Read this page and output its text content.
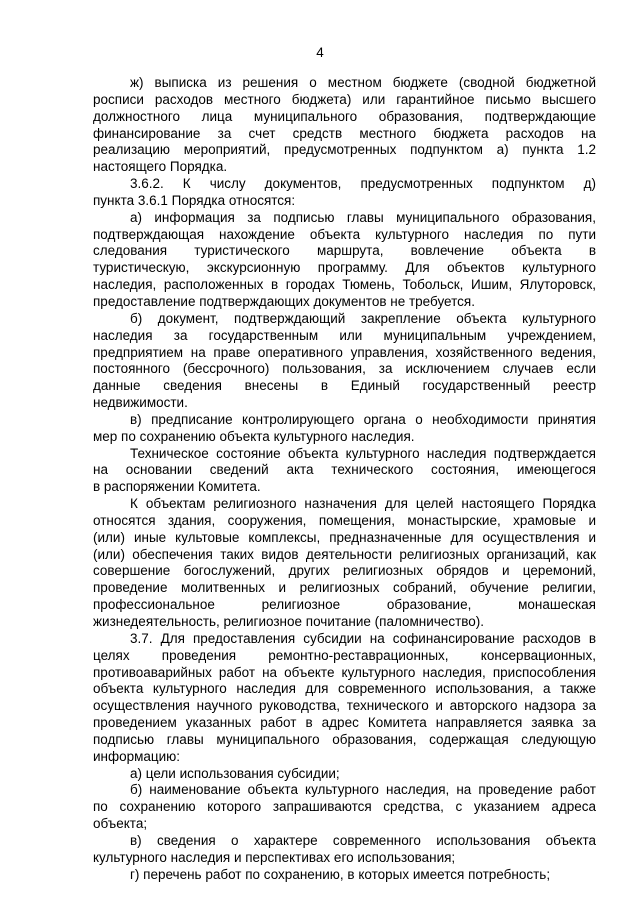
4
ж) выписка из решения о местном бюджете (сводной бюджетной
росписи расходов местного бюджета) или гарантийное письмо высшего
должностного лица муниципального образования, подтверждающие
финансирование за счет средств местного бюджета расходов на
реализацию мероприятий, предусмотренных подпунктом а) пункта 1.2
настоящего Порядка.
3.6.2. К числу документов, предусмотренных подпунктом д)
пункта 3.6.1 Порядка относятся:
а) информация за подписью главы муниципального образования,
подтверждающая нахождение объекта культурного наследия по пути
следования туристического маршрута, вовлечение объекта в
туристическую, экскурсионную программу. Для объектов культурного
наследия, расположенных в городах Тюмень, Тобольск, Ишим, Ялуторовск,
предоставление подтверждающих документов не требуется.
б) документ, подтверждающий закрепление объекта культурного
наследия за государственным или муниципальным учреждением,
предприятием на праве оперативного управления, хозяйственного ведения,
постоянного (бессрочного) пользования, за исключением случаев если
данные сведения внесены в Единый государственный реестр
недвижимости.
в) предписание контролирующего органа о необходимости принятия
мер по сохранению объекта культурного наследия.
Техническое состояние объекта культурного наследия подтверждается
на основании сведений акта технического состояния, имеющегося
в распоряжении Комитета.
К объектам религиозного назначения для целей настоящего Порядка
относятся здания, сооружения, помещения, монастырские, храмовые и
(или) иные культовые комплексы, предназначенные для осуществления и
(или) обеспечения таких видов деятельности религиозных организаций, как
совершение богослужений, других религиозных обрядов и церемоний,
проведение молитвенных и религиозных собраний, обучение религии,
профессиональное религиозное образование, монашеская
жизнедеятельность, религиозное почитание (паломничество).
3.7. Для предоставления субсидии на софинансирование расходов в
целях проведения ремонтно-реставрационных, консервационных,
противоаварийных работ на объекте культурного наследия, приспособления
объекта культурного наследия для современного использования, а также
осуществления научного руководства, технического и авторского надзора за
проведением указанных работ в адрес Комитета направляется заявка за
подписью главы муниципального образования, содержащая следующую
информацию:
а) цели использования субсидии;
б) наименование объекта культурного наследия, на проведение работ
по сохранению которого запрашиваются средства, с указанием адреса
объекта;
в) сведения о характере современного использования объекта
культурного наследия и перспективах его использования;
г) перечень работ по сохранению, в которых имеется потребность;
